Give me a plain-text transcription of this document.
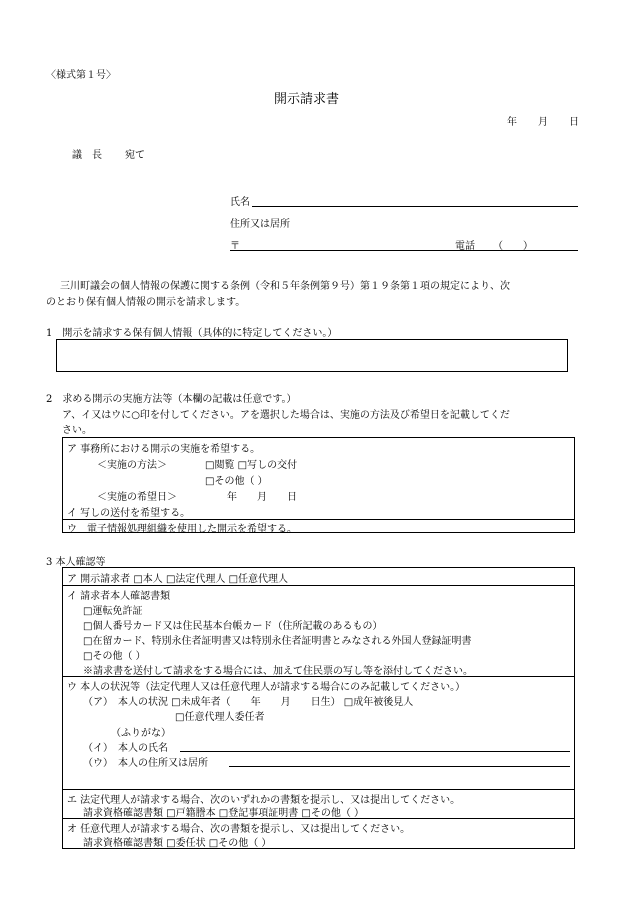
〈様式第１号〉
開示請求書
年 月 日
議　長 宛て
氏名
住所又は居所
〒	電話 （　　）
三川町議会の個人情報の保護に関する条例（令和５年条例第９号）第１９条第１項の規定により、次
のとおり保有個人情報の開示を請求します。
1　開示を請求する保有個人情報（具体的に特定してください。）
2　求める開示の実施方法等（本欄の記載は任意です。）
ア、イ又はウに○印を付してください。アを選択した場合は、実施の方法及び希望日を記載してくだ
さい。
ア 事務所における開示の実施を希望する。
＜実施の方法＞	□閲覧 □写しの交付
□その他（ ）
＜実施の希望日＞	年　　月　　日
イ 写しの送付を希望する。
ウ　電子情報処理組織を使用した開示を希望する。
3 本人確認等
ア 開示請求者 □本人 □法定代理人 □任意代理人
イ 請求者本人確認書類
□運転免許証
□個人番号カード又は住民基本台帳カード（住所記載のあるもの）
□在留カード、特別永住者証明書又は特別永住者証明書とみなされる外国人登録証明書
□その他（ ）
※請求書を送付して請求をする場合には、加えて住民票の写し等を添付してください。
ウ 本人の状況等（法定代理人又は任意代理人が請求する場合にのみ記載してください。）
（ア）　本人の状況 □未成年者（　　年　　月　　日生） □成年被後見人
□任意代理人委任者
（ふりがな）
（イ）　本人の氏名
（ウ）　本人の住所又は居所
エ 法定代理人が請求する場合、次のいずれかの書類を提示し、又は提出してください。
請求資格確認書類 □戸籍謄本 □登記事項証明書 □その他（ ）
オ 任意代理人が請求する場合、次の書類を提示し、又は提出してください。
請求資格確認書類 □委任状 □その他（ ）
